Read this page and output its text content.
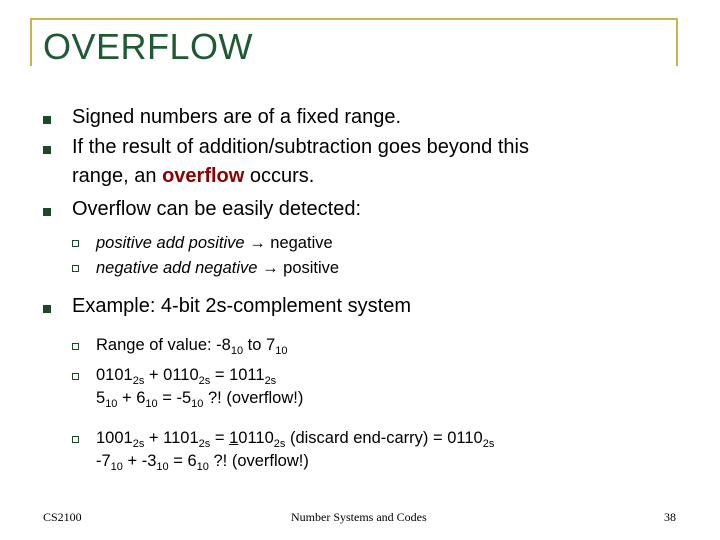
OVERFLOW
Signed numbers are of a fixed range.
If the result of addition/subtraction goes beyond this
range, an overflow occurs.
Overflow can be easily detected:
positive add positive → negative
negative add negative → positive
Example: 4-bit 2s-complement system
Range of value: $-8_{10}$ to $7_{10}$
$0101_{2s} + 0110_{2s} = 1011_{2s}$
$5_{10} + 6_{10} = -5_{10}$ ?! (overflow!)
$1001_{2s} + 1101_{2s} = 10110_{2s}$ (discard end-carry) = $0110_{2s}$
$-7_{10} + -3_{10} = 6_{10}$ ?! (overflow!)
CS2100	Number Systems and Codes	38
